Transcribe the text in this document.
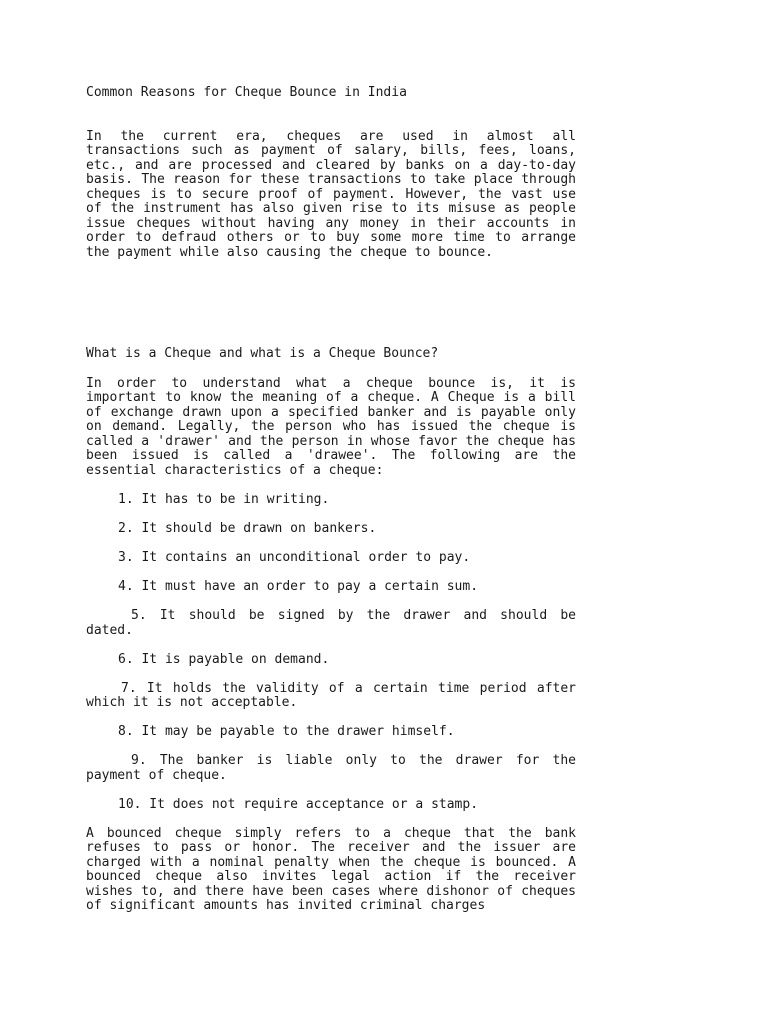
Common Reasons for Cheque Bounce in India

In the current era, cheques are used in almost all transactions such as payment of salary, bills, fees, loans, etc., and are processed and cleared by banks on a day-to-day basis. The reason for these transactions to take place through cheques is to secure proof of payment. However, the vast use of the instrument has also given rise to its misuse as people issue cheques without having any money in their accounts in order to defraud others or to buy some more time to arrange the payment while also causing the cheque to bounce.

What is a Cheque and what is a Cheque Bounce?

In order to understand what a cheque bounce is, it is important to know the meaning of a cheque. A Cheque is a bill of exchange drawn upon a specified banker and is payable only on demand. Legally, the person who has issued the cheque is called a 'drawer' and the person in whose favor the cheque has been issued is called a 'drawee'. The following are the essential characteristics of a cheque:

1. It has to be in writing.
2. It should be drawn on bankers.
3. It contains an unconditional order to pay.
4. It must have an order to pay a certain sum.
5. It should be signed by the drawer and should be dated.
6. It is payable on demand.
7. It holds the validity of a certain time period after which it is not acceptable.
8. It may be payable to the drawer himself.
9. The banker is liable only to the drawer for the payment of cheque.
10. It does not require acceptance or a stamp.

A bounced cheque simply refers to a cheque that the bank refuses to pass or honor. The receiver and the issuer are charged with a nominal penalty when the cheque is bounced. A bounced cheque also invites legal action if the receiver wishes to, and there have been cases where dishonor of cheques of significant amounts has invited criminal charges
